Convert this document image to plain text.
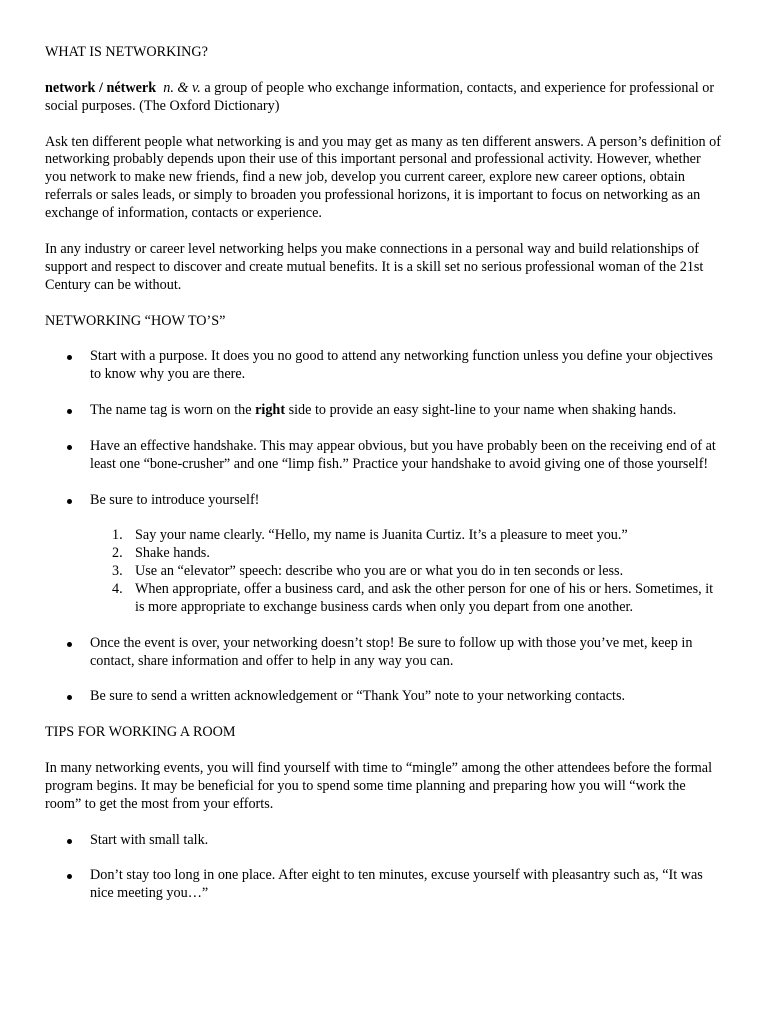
WHAT IS NETWORKING?

network / nétwerk n. & v. a group of people who exchange information, contacts, and experience for professional or social purposes. (The Oxford Dictionary)

Ask ten different people what networking is and you may get as many as ten different answers. A person’s definition of networking probably depends upon their use of this important personal and professional activity. However, whether you network to make new friends, find a new job, develop you current career, explore new career options, obtain referrals or sales leads, or simply to broaden you professional horizons, it is important to focus on networking as an exchange of information, contacts or experience.

In any industry or career level networking helps you make connections in a personal way and build relationships of support and respect to discover and create mutual benefits. It is a skill set no serious professional woman of the 21st Century can be without.

NETWORKING “HOW TO’S”

Start with a purpose. It does you no good to attend any networking function unless you define your objectives to know why you are there.
The name tag is worn on the right side to provide an easy sight-line to your name when shaking hands.
Have an effective handshake. This may appear obvious, but you have probably been on the receiving end of at least one “bone-crusher” and one “limp fish.” Practice your handshake to avoid giving one of those yourself!
Be sure to introduce yourself!
1. Say your name clearly. “Hello, my name is Juanita Curtiz. It’s a pleasure to meet you.”
2. Shake hands.
3. Use an “elevator” speech: describe who you are or what you do in ten seconds or less.
4. When appropriate, offer a business card, and ask the other person for one of his or hers. Sometimes, it is more appropriate to exchange business cards when only you depart from one another.
Once the event is over, your networking doesn’t stop! Be sure to follow up with those you’ve met, keep in contact, share information and offer to help in any way you can.
Be sure to send a written acknowledgement or “Thank You” note to your networking contacts.

TIPS FOR WORKING A ROOM

In many networking events, you will find yourself with time to “mingle” among the other attendees before the formal program begins. It may be beneficial for you to spend some time planning and preparing how you will “work the room” to get the most from your efforts.

Start with small talk.
Don’t stay too long in one place. After eight to ten minutes, excuse yourself with pleasantry such as, “It was nice meeting you…”
